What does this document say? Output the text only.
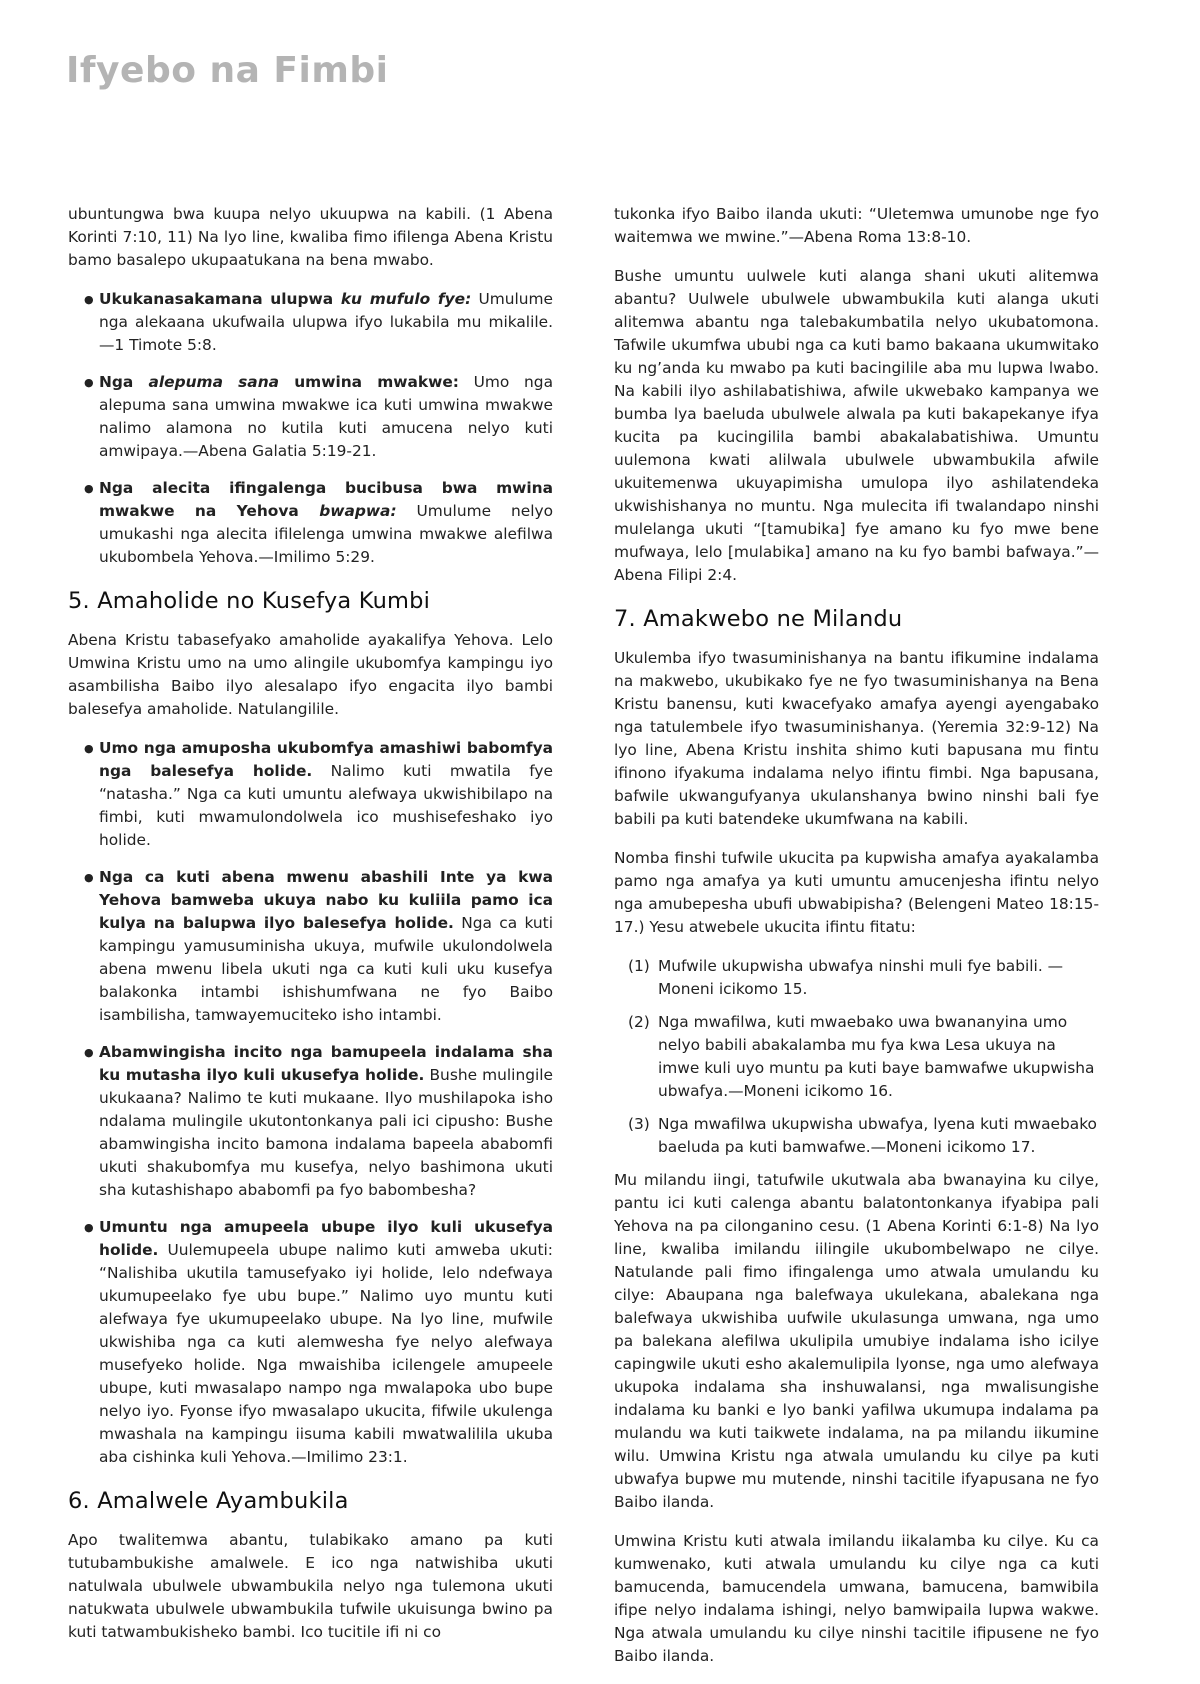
Ifyebo na Fimbi

ubuntungwa bwa kuupa nelyo ukuupwa na kabili. (1 Abena Korinti 7:10, 11) Na lyo line, kwaliba fimo ifilenga Abena Kristu bamo basalepo ukupaatukana na bena mwabo.

● Ukukanasakamana ulupwa ku mufulo fye: Umulume nga alekaana ukufwaila ulupwa ifyo lukabila mu mikalile.—1 Timote 5:8.
● Nga alepuma sana umwina mwakwe: Umo nga alepuma sana umwina mwakwe ica kuti umwina mwakwe nalimo alamona no kutila kuti amucena nelyo kuti amwipaya.—Abena Galatia 5:19-21.
● Nga alecita ifingalenga bucibusa bwa mwina mwakwe na Yehova bwapwa: Umulume nelyo umukashi nga alecita ifilelenga umwina mwakwe alefilwa ukubombela Yehova.—Imilimo 5:29.
5. Amaholide no Kusefya Kumbi

Abena Kristu tabasefyako amaholide ayakalifya Yehova. Lelo Umwina Kristu umo na umo alingile ukubomfya kampingu iyo asambilisha Baibo ilyo alesalapo ifyo engacita ilyo bambi balesefya amaholide. Natulangilile.

● Umo nga amuposha ukubomfya amashiwi babomfya nga balesefya holide. Nalimo kuti mwatila fye “natasha.” Nga ca kuti umuntu alefwaya ukwishibilapo na fimbi, kuti mwamulondolwela ico mushisefeshako iyo holide.
● Nga ca kuti abena mwenu abashili Inte ya kwa Yehova bamweba ukuya nabo ku kuliila pamo ica kulya na balupwa ilyo balesefya holide. Nga ca kuti kampingu yamusuminisha ukuya, mufwile ukulondolwela abena mwenu libela ukuti nga ca kuti kuli uku kusefya balakonka intambi ishishumfwana ne fyo Baibo isambilisha, tamwayemuciteko isho intambi.
● Abamwingisha incito nga bamupeela indalama sha ku mutasha ilyo kuli ukusefya holide. Bushe mulingile ukukaana? Nalimo te kuti mukaane. Ilyo mushilapoka isho ndalama mulingile ukutontonkanya pali ici cipusho: Bushe abamwingisha incito bamona indalama bapeela ababomfi ukuti shakubomfya mu kusefya, nelyo bashimona ukuti sha kutashishapo ababomfi pa fyo babombesha?
● Umuntu nga amupeela ubupe ilyo kuli ukusefya holide. Uulemupeela ubupe nalimo kuti amweba ukuti: “Nalishiba ukutila tamusefyako iyi holide, lelo ndefwaya ukumupeelako fye ubu bupe.” Nalimo uyo muntu kuti alefwaya fye ukumupeelako ubupe. Na lyo line, mufwile ukwishiba nga ca kuti alemwesha fye nelyo alefwaya musefyeko holide. Nga mwaishiba icilengele amupeele ubupe, kuti mwasalapo nampo nga mwalapoka ubo bupe nelyo iyo. Fyonse ifyo mwasalapo ukucita, fifwile ukulenga mwashala na kampingu iisuma kabili mwatwalilila ukuba aba cishinka kuli Yehova.—Imilimo 23:1.
6. Amalwele Ayambukila

Apo twalitemwa abantu, tulabikako amano pa kuti tutubambukishe amalwele. E ico nga natwishiba ukuti natulwala ubulwele ubwambukila nelyo nga tulemona ukuti natukwata ubulwele ubwambukila tufwile ukuisunga bwino pa kuti tatwambukisheko bambi. Ico tucitile ifi ni co

tukonka ifyo Baibo ilanda ukuti: “Uletemwa umunobe nge fyo waitemwa we mwine.”—Abena Roma 13:8-10.

Bushe umuntu uulwele kuti alanga shani ukuti alitemwa abantu? Uulwele ubulwele ubwambukila kuti alanga ukuti alitemwa abantu nga talebakumbatila nelyo ukubatomona. Tafwile ukumfwa ububi nga ca kuti bamo bakaana ukumwitako ku ng’anda ku mwabo pa kuti bacingilile aba mu lupwa lwabo. Na kabili ilyo ashilabatishiwa, afwile ukwebako kampanya we bumba lya baeluda ubulwele alwala pa kuti bakapekanye ifya kucita pa kucingilila bambi abakalabatishiwa. Umuntu uulemona kwati alilwala ubulwele ubwambukila afwile ukuitemenwa ukuyapimisha umulopa ilyo ashilatendeka ukwishishanya no muntu. Nga mulecita ifi twalandapo ninshi mulelanga ukuti “[tamubika] fye amano ku fyo mwe bene mufwaya, lelo [mulabika] amano na ku fyo bambi bafwaya.”—Abena Filipi 2:4.

7. Amakwebo ne Milandu

Ukulemba ifyo twasuminishanya na bantu ifikumine indalama na makwebo, ukubikako fye ne fyo twasuminishanya na Bena Kristu banensu, kuti kwacefyako amafya ayengi ayengabako nga tatulembele ifyo twasuminishanya. (Yeremia 32:9-12) Na lyo line, Abena Kristu inshita shimo kuti bapusana mu fintu ifinono ifyakuma indalama nelyo ifintu fimbi. Nga bapusana, bafwile ukwangufyanya ukulanshanya bwino ninshi bali fye babili pa kuti batendeke ukumfwana na kabili.

Nomba finshi tufwile ukucita pa kupwisha amafya ayakalamba pamo nga amafya ya kuti umuntu amucenjesha ifintu nelyo nga amubepesha ubufi ubwabipisha? (Belengeni Mateo 18:15-17.) Yesu atwebele ukucita ifintu fitatu:

(1) Mufwile ukupwisha ubwafya ninshi muli fye babili. —Moneni icikomo 15.
(2) Nga mwafilwa, kuti mwaebako uwa bwananyina umo nelyo babili abakalamba mu fya kwa Lesa ukuya na imwe kuli uyo muntu pa kuti baye bamwafwe ukupwisha ubwafya.—Moneni icikomo 16.
(3) Nga mwafilwa ukupwisha ubwafya, lyena kuti mwaebako baeluda pa kuti bamwafwe.—Moneni icikomo 17.

Mu milandu iingi, tatufwile ukutwala aba bwanayina ku cilye, pantu ici kuti calenga abantu balatontonkanya ifyabipa pali Yehova na pa cilonganino cesu. (1 Abena Korinti 6:1-8) Na lyo line, kwaliba imilandu iilingile ukubombelwapo ne cilye. Natulande pali fimo ifingalenga umo atwala umulandu ku cilye: Abaupana nga balefwaya ukulekana, abalekana nga balefwaya ukwishiba uufwile ukulasunga umwana, nga umo pa balekana alefilwa ukulipila umubiye indalama isho icilye capingwile ukuti esho akalemulipila lyonse, nga umo alefwaya ukupoka indalama sha inshuwalansi, nga mwalisungishe indalama ku banki e lyo banki yafilwa ukumupa indalama pa mulandu wa kuti taikwete indalama, na pa milandu iikumine wilu. Umwina Kristu nga atwala umulandu ku cilye pa kuti ubwafya bupwe mu mutende, ninshi tacitile ifyapusana ne fyo Baibo ilanda.

Umwina Kristu kuti atwala imilandu iikalamba ku cilye. Ku ca kumwenako, kuti atwala umulandu ku cilye nga ca kuti bamucenda, bamucendela umwana, bamucena, bamwibila ifipe nelyo indalama ishingi, nelyo bamwipaila lupwa wakwe. Nga atwala umulandu ku cilye ninshi tacitile ifipusene ne fyo Baibo ilanda.
